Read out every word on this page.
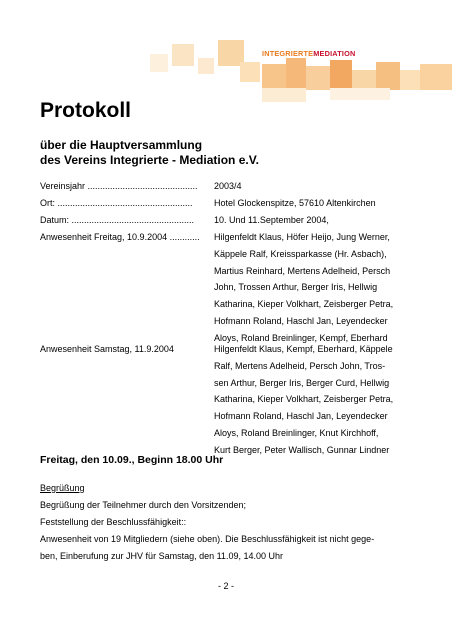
INTEGRIERTEMEDIATION
Protokoll
über die Hauptversammlung
des Vereins Integrierte - Mediation e.V.
Vereinsjahr ............................................	2003/4
Ort: ......................................................	Hotel Glockenspitze, 57610 Altenkirchen
Datum: .................................................	10. Und 11.September 2004,
Anwesenheit Freitag, 10.9.2004 ............	Hilgenfeldt Klaus, Höfer Heijo, Jung Werner,
Käppele Ralf, Kreissparkasse (Hr. Asbach),
Martius Reinhard, Mertens Adelheid, Persch
John, Trossen Arthur, Berger Iris, Hellwig
Katharina, Kieper Volkhart, Zeisberger Petra,
Hofmann Roland, Haschl Jan, Leyendecker
Aloys, Roland Breinlinger, Kempf, Eberhard
Anwesenheit Samstag, 11.9.2004	Hilgenfeldt Klaus, Kempf, Eberhard, Käppele
Ralf, Mertens Adelheid, Persch John, Tros-
sen Arthur, Berger Iris, Berger Curd, Hellwig
Katharina, Kieper Volkhart, Zeisberger Petra,
Hofmann Roland, Haschl Jan, Leyendecker
Aloys, Roland Breinlinger, Knut Kirchhoff,
Kurt Berger, Peter Wallisch, Gunnar Lindner
Freitag, den 10.09., Beginn 18.00 Uhr
Begrüßung
Begrüßung der Teilnehmer durch den Vorsitzenden;
Feststellung der Beschlussfähigkeit::
Anwesenheit von 19 Mitgliedern (siehe oben). Die Beschlussfähigkeit ist nicht gege-
ben, Einberufung zur JHV für Samstag, den 11.09, 14.00 Uhr
- 2 -
